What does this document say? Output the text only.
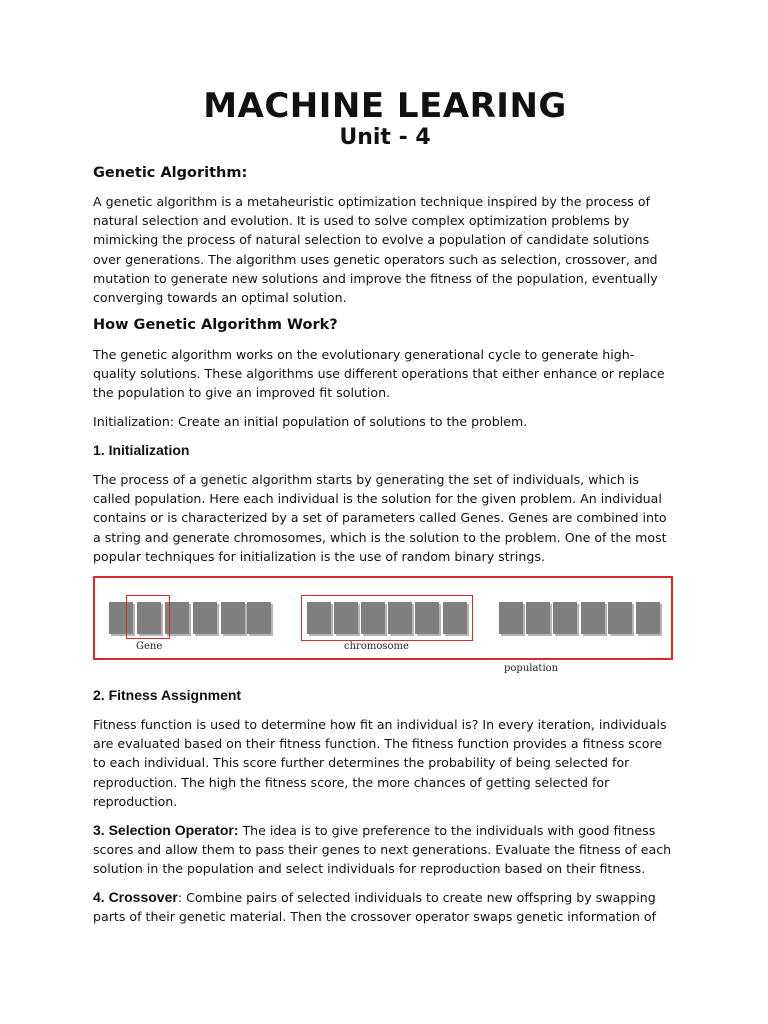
MACHINE LEARING
Unit - 4
Genetic Algorithm:

A genetic algorithm is a metaheuristic optimization technique inspired by the process of natural selection and evolution. It is used to solve complex optimization problems by mimicking the process of natural selection to evolve a population of candidate solutions over generations. The algorithm uses genetic operators such as selection, crossover, and mutation to generate new solutions and improve the fitness of the population, eventually converging towards an optimal solution.

How Genetic Algorithm Work?

The genetic algorithm works on the evolutionary generational cycle to generate high-quality solutions. These algorithms use different operations that either enhance or replace the population to give an improved fit solution.

Initialization: Create an initial population of solutions to the problem.

1. Initialization

The process of a genetic algorithm starts by generating the set of individuals, which is called population. Here each individual is the solution for the given problem. An individual contains or is characterized by a set of parameters called Genes. Genes are combined into a string and generate chromosomes, which is the solution to the problem. One of the most popular techniques for initialization is the use of random binary strings.

Gene	chromosome
population
2. Fitness Assignment

Fitness function is used to determine how fit an individual is? In every iteration, individuals are evaluated based on their fitness function. The fitness function provides a fitness score to each individual. This score further determines the probability of being selected for reproduction. The high the fitness score, the more chances of getting selected for reproduction.

3. Selection Operator: The idea is to give preference to the individuals with good fitness scores and allow them to pass their genes to next generations. Evaluate the fitness of each solution in the population and select individuals for reproduction based on their fitness.

4. Crossover: Combine pairs of selected individuals to create new offspring by swapping parts of their genetic material. Then the crossover operator swaps genetic information of
